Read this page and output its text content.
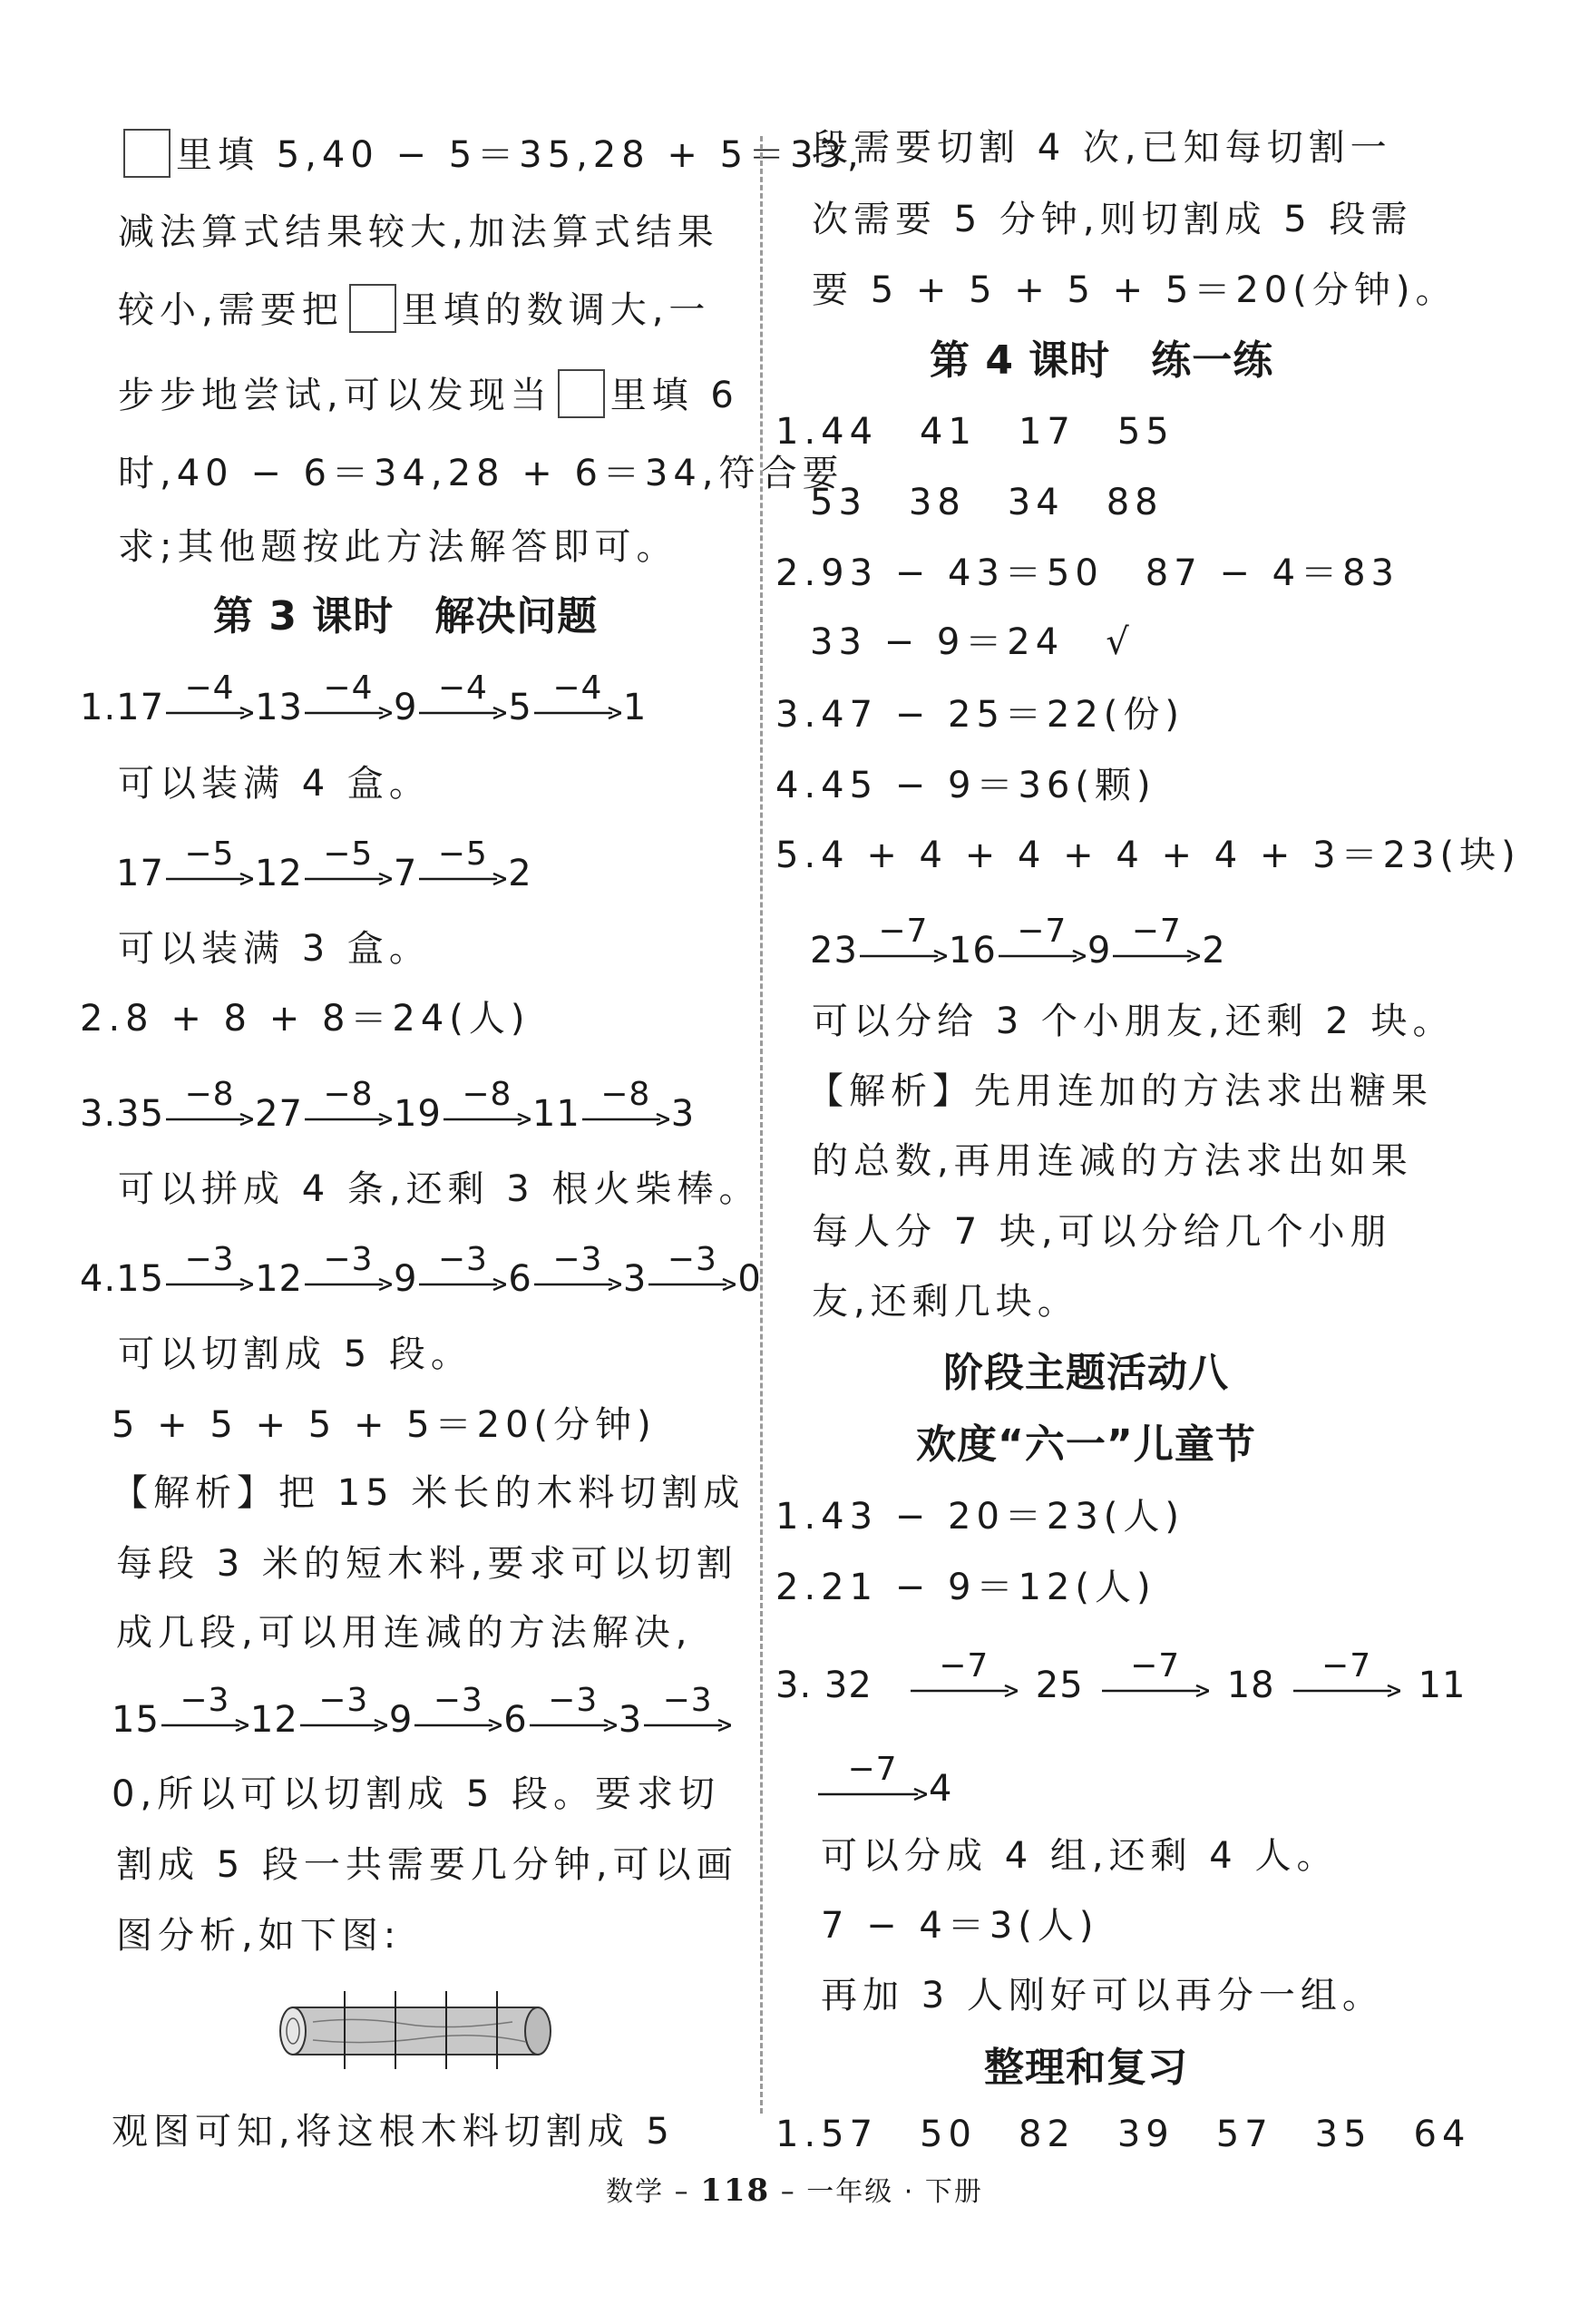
里填 5,40 − 5＝35,28 + 5＝33,
减法算式结果较大,加法算式结果
较小,需要把 里填的数调大,一
步步地尝试,可以发现当 里填 6
时,40 − 6＝34,28 + 6＝34,符合要
求;其他题按此方法解答即可。
第 3 课时　解决问题
1.17 −4 13 −4 9 −4 5 −4 1
可以装满 4 盒。
17 −5 12 −5 7 −5 2
可以装满 3 盒。
2.8 + 8 + 8＝24(人)
3.35 −8 27 −8 19 −8 11 −8 3
可以拼成 4 条,还剩 3 根火柴棒。
4.15 −3 12 −3 9 −3 6 −3 3 −3 0
可以切割成 5 段。
5 + 5 + 5 + 5＝20(分钟)
【解析】把 15 米长的木料切割成
每段 3 米的短木料,要求可以切割
成几段,可以用连减的方法解决,
15 −3 12 −3 9 −3 6 −3 3 −3
0,所以可以切割成 5 段。要求切
割成 5 段一共需要几分钟,可以画
图分析,如下图:
观图可知,将这根木料切割成 5
段需要切割 4 次,已知每切割一
次需要 5 分钟,则切割成 5 段需
要 5 + 5 + 5 + 5＝20(分钟)。
第 4 课时　练一练
1.44　41　17　55
53　38　34　88
2.93 − 43＝50　87 − 4＝83
33 − 9＝24　√
3.47 − 25＝22(份)
4.45 − 9＝36(颗)
5.4 + 4 + 4 + 4 + 4 + 3＝23(块)
23 −7 16 −7 9 −7 2
可以分给 3 个小朋友,还剩 2 块。
【解析】先用连加的方法求出糖果
的总数,再用连减的方法求出如果
每人分 7 块,可以分给几个小朋
友,还剩几块。
阶段主题活动八
欢度“六一”儿童节
1.43 − 20＝23(人)
2.21 − 9＝12(人)
3. 32 −7 25 −7 18 −7 11
−7 4
可以分成 4 组,还剩 4 人。
7 − 4＝3(人)
再加 3 人刚好可以再分一组。
整理和复习
1.57　50　82　39　57　35　64
数学 – 118 – 一年级 · 下册
